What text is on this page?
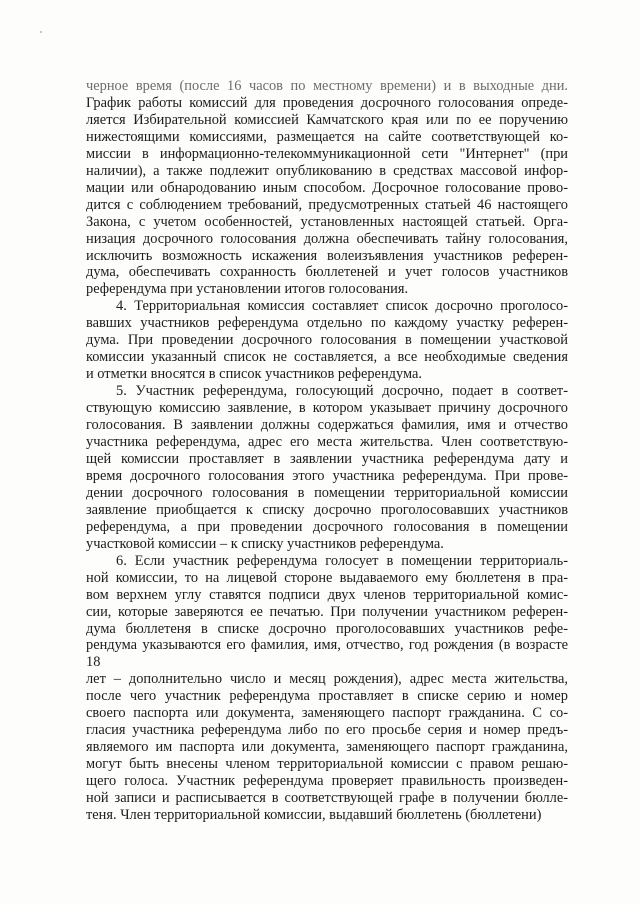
черное время (после 16 часов по местному времени) и в выходные дни.

График работы комиссий для проведения досрочного голосования опреде-

ляется Избирательной комиссией Камчатского края или по ее поручению

нижестоящими комиссиями, размещается на сайте соответствующей ко-

миссии в информационно-телекоммуникационной сети "Интернет" (при

наличии), а также подлежит опубликованию в средствах массовой инфор-

мации или обнародованию иным способом. Досрочное голосование прово-

дится с соблюдением требований, предусмотренных статьей 46 настоящего

Закона, с учетом особенностей, установленных настоящей статьей. Орга-

низация досрочного голосования должна обеспечивать тайну голосования,

исключить возможность искажения волеизъявления участников референ-

дума, обеспечивать сохранность бюллетеней и учет голосов участников

референдума при установлении итогов голосования.

4. Территориальная комиссия составляет список досрочно проголосо-

вавших участников референдума отдельно по каждому участку референ-

дума. При проведении досрочного голосования в помещении участковой

комиссии указанный список не составляется, а все необходимые сведения

и отметки вносятся в список участников референдума.

5. Участник референдума, голосующий досрочно, подает в соответ-

ствующую комиссию заявление, в котором указывает причину досрочного

голосования. В заявлении должны содержаться фамилия, имя и отчество

участника референдума, адрес его места жительства. Член соответствую-

щей комиссии проставляет в заявлении участника референдума дату и

время досрочного голосования этого участника референдума. При прове-

дении досрочного голосования в помещении территориальной комиссии

заявление приобщается к списку досрочно проголосовавших участников

референдума, а при проведении досрочного голосования в помещении

участковой комиссии – к списку участников референдума.

6. Если участник референдума голосует в помещении территориаль-

ной комиссии, то на лицевой стороне выдаваемого ему бюллетеня в пра-

вом верхнем углу ставятся подписи двух членов территориальной комис-

сии, которые заверяются ее печатью. При получении участником референ-

дума бюллетеня в списке досрочно проголосовавших участников рефе-

рендума указываются его фамилия, имя, отчество, год рождения (в возрасте 18

лет – дополнительно число и месяц рождения), адрес места жительства,

после чего участник референдума проставляет в списке серию и номер

своего паспорта или документа, заменяющего паспорт гражданина. С со-

гласия участника референдума либо по его просьбе серия и номер предъ-

являемого им паспорта или документа, заменяющего паспорт гражданина,

могут быть внесены членом территориальной комиссии с правом решаю-

щего голоса. Участник референдума проверяет правильность произведен-

ной записи и расписывается в соответствующей графе в получении бюлле-

теня. Член территориальной комиссии, выдавший бюллетень (бюллетени)
